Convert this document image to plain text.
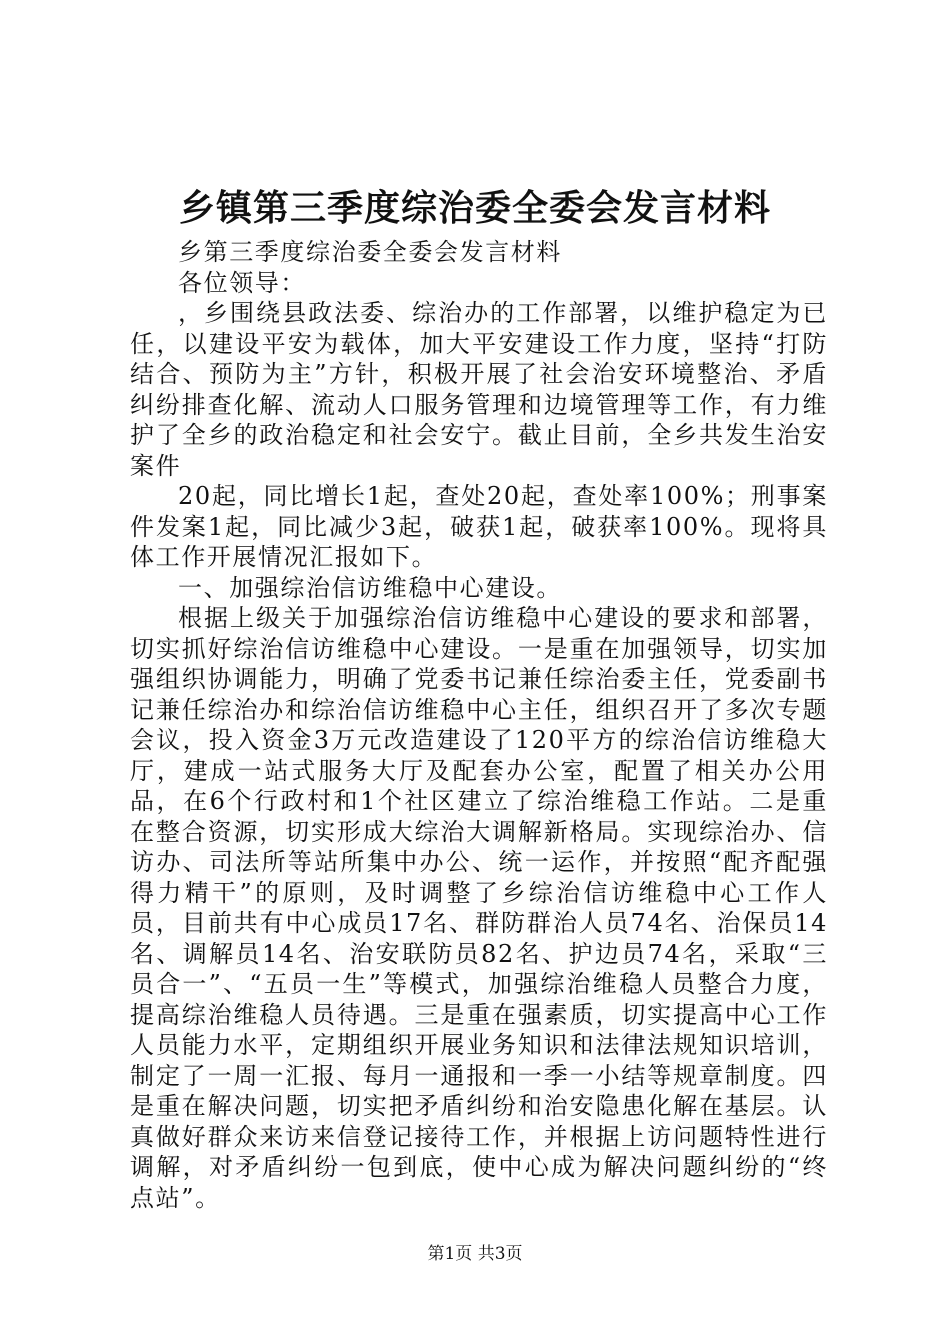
乡镇第三季度综治委全委会发言材料

乡第三季度综治委全委会发言材料

各位领导：

，乡围绕县政法委、综治办的工作部署，以维护稳定为已任，以建设平安为载体，加大平安建设工作力度，坚持“打防结合、预防为主”方针，积极开展了社会治安环境整治、矛盾纠纷排查化解、流动人口服务管理和边境管理等工作，有力维护了全乡的政治稳定和社会安宁。截止目前，全乡共发生治安案件

20起，同比增长1起，查处20起，查处率100%；刑事案件发案1起，同比减少3起，破获1起，破获率100%。现将具体工作开展情况汇报如下。

一、加强综治信访维稳中心建设。

根据上级关于加强综治信访维稳中心建设的要求和部署，切实抓好综治信访维稳中心建设。一是重在加强领导，切实加强组织协调能力，明确了党委书记兼任综治委主任，党委副书记兼任综治办和综治信访维稳中心主任，组织召开了多次专题会议，投入资金3万元改造建设了120平方的综治信访维稳大厅，建成一站式服务大厅及配套办公室，配置了相关办公用品，在6个行政村和1个社区建立了综治维稳工作站。二是重在整合资源，切实形成大综治大调解新格局。实现综治办、信访办、司法所等站所集中办公、统一运作，并按照“配齐配强得力精干”的原则，及时调整了乡综治信访维稳中心工作人员，目前共有中心成员17名、群防群治人员74名、治保员14名、调解员14名、治安联防员82名、护边员74名，采取“三员合一”、“五员一生”等模式，加强综治维稳人员整合力度，提高综治维稳人员待遇。三是重在强素质，切实提高中心工作人员能力水平，定期组织开展业务知识和法律法规知识培训，制定了一周一汇报、每月一通报和一季一小结等规章制度。四是重在解决问题，切实把矛盾纠纷和治安隐患化解在基层。认真做好群众来访来信登记接待工作，并根据上访问题特性进行调解，对矛盾纠纷一包到底，使中心成为解决问题纠纷的“终点站”。

第1页 共3页
